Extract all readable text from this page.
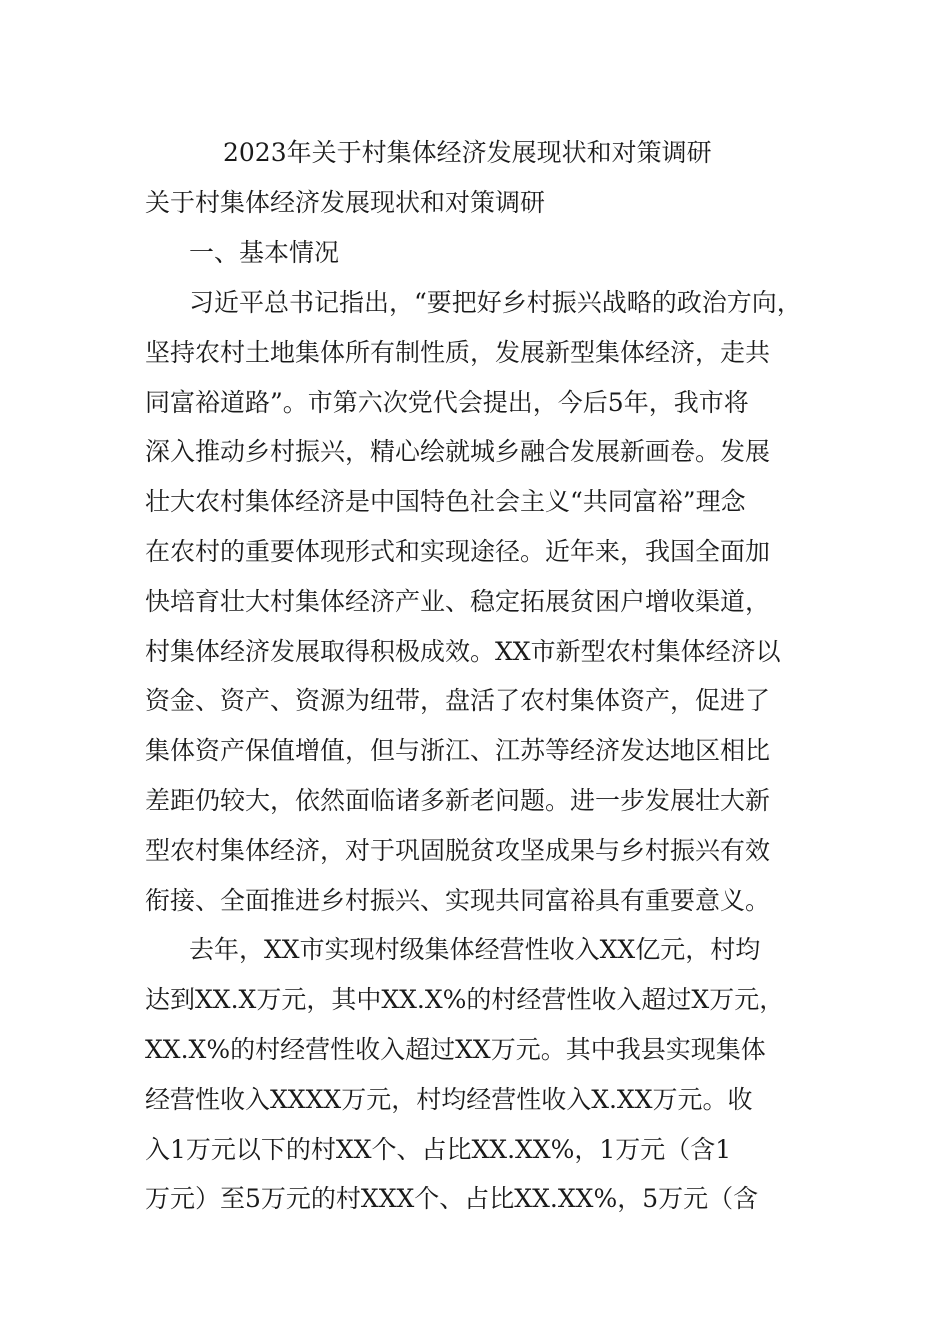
2023年关于村集体经济发展现状和对策调研
关于村集体经济发展现状和对策调研
一、基本情况

习近平总书记指出，“要把好乡村振兴战略的政治方向，
坚持农村土地集体所有制性质，发展新型集体经济，走共
同富裕道路”。市第六次党代会提出，今后5年，我市将
深入推动乡村振兴，精心绘就城乡融合发展新画卷。发展
壮大农村集体经济是中国特色社会主义“共同富裕”理念
在农村的重要体现形式和实现途径。近年来，我国全面加
快培育壮大村集体经济产业、稳定拓展贫困户增收渠道，
村集体经济发展取得积极成效。XX市新型农村集体经济以
资金、资产、资源为纽带，盘活了农村集体资产，促进了
集体资产保值增值，但与浙江、江苏等经济发达地区相比
差距仍较大，依然面临诸多新老问题。进一步发展壮大新
型农村集体经济，对于巩固脱贫攻坚成果与乡村振兴有效
衔接、全面推进乡村振兴、实现共同富裕具有重要意义。

去年，XX市实现村级集体经营性收入XX亿元，村均
达到XX.X万元，其中XX.X%的村经营性收入超过X万元，
XX.X%的村经营性收入超过XX万元。其中我县实现集体
经营性收入XXXX万元，村均经营性收入X.XX万元。收
入1万元以下的村XX个、占比XX.XX%，1万元（含1
万元）至5万元的村XXX个、占比XX.XX%，5万元（含
